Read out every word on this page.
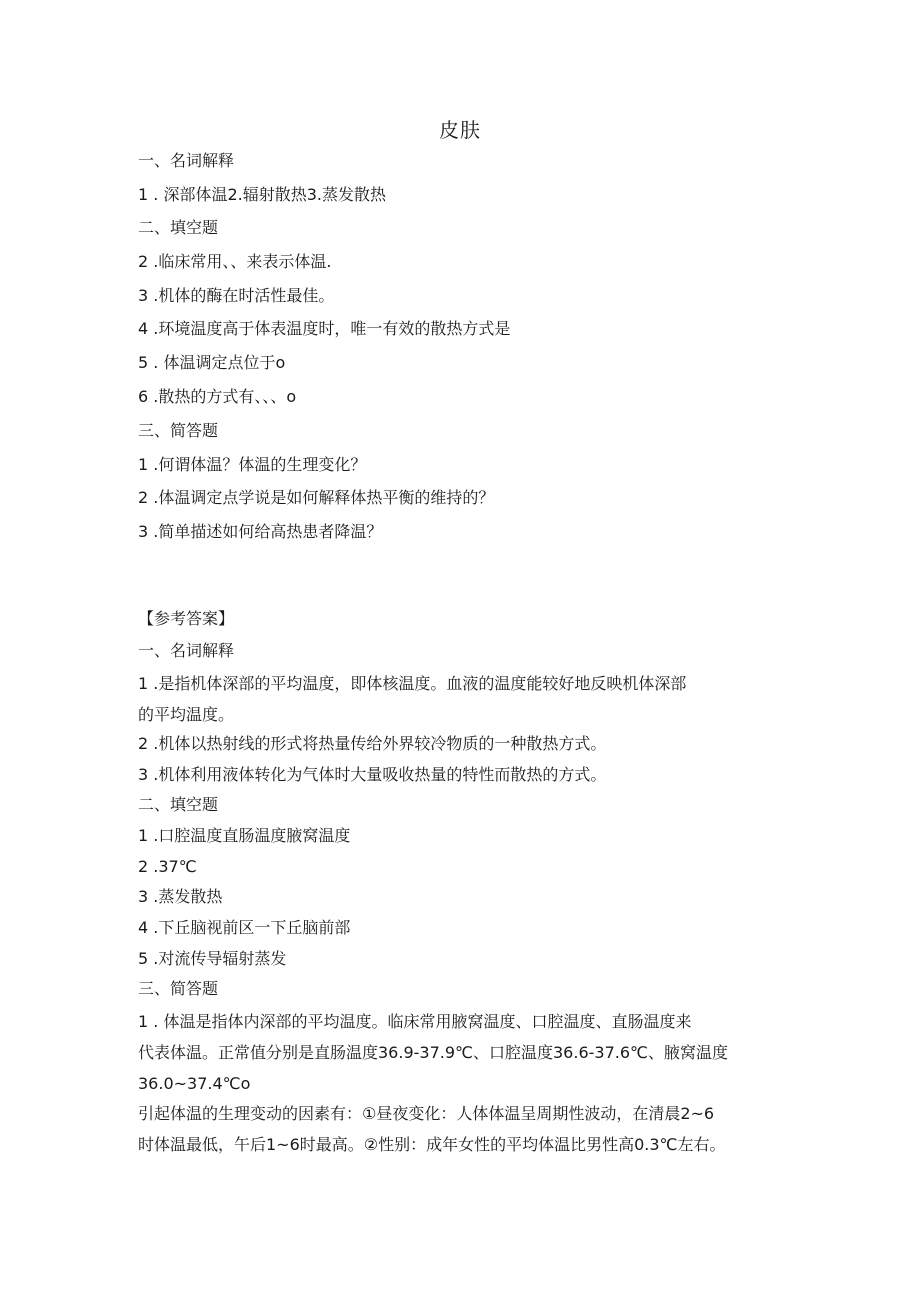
皮肤
一、名词解释
1 . 深部体温2.辐射散热3.蒸发散热
二、填空题
2 .临床常用、、来表示体温.
3 .机体的酶在时活性最佳。
4 .环境温度高于体表温度时，唯一有效的散热方式是
5 . 体温调定点位于o
6 .散热的方式有、、、o
三、简答题
1 .何谓体温？体温的生理变化？
2 .体温调定点学说是如何解释体热平衡的维持的？
3 .简单描述如何给高热患者降温？
【参考答案】
一、名词解释
1 .是指机体深部的平均温度，即体核温度。血液的温度能较好地反映机体深部
的平均温度。
2 .机体以热射线的形式将热量传给外界较冷物质的一种散热方式。
3 .机体利用液体转化为气体时大量吸收热量的特性而散热的方式。
二、填空题
1 .口腔温度直肠温度腋窝温度
2 .37℃
3 .蒸发散热
4 .下丘脑视前区一下丘脑前部
5 .对流传导辐射蒸发
三、简答题
1 . 体温是指体内深部的平均温度。临床常用腋窝温度、口腔温度、直肠温度来
代表体温。正常值分别是直肠温度36.9-37.9℃、口腔温度36.6-37.6℃、腋窝温度
36.0~37.4℃o
引起体温的生理变动的因素有：①昼夜变化：人体体温呈周期性波动，在清晨2~6
时体温最低，午后1~6时最高。②性别：成年女性的平均体温比男性高0.3℃左右。
